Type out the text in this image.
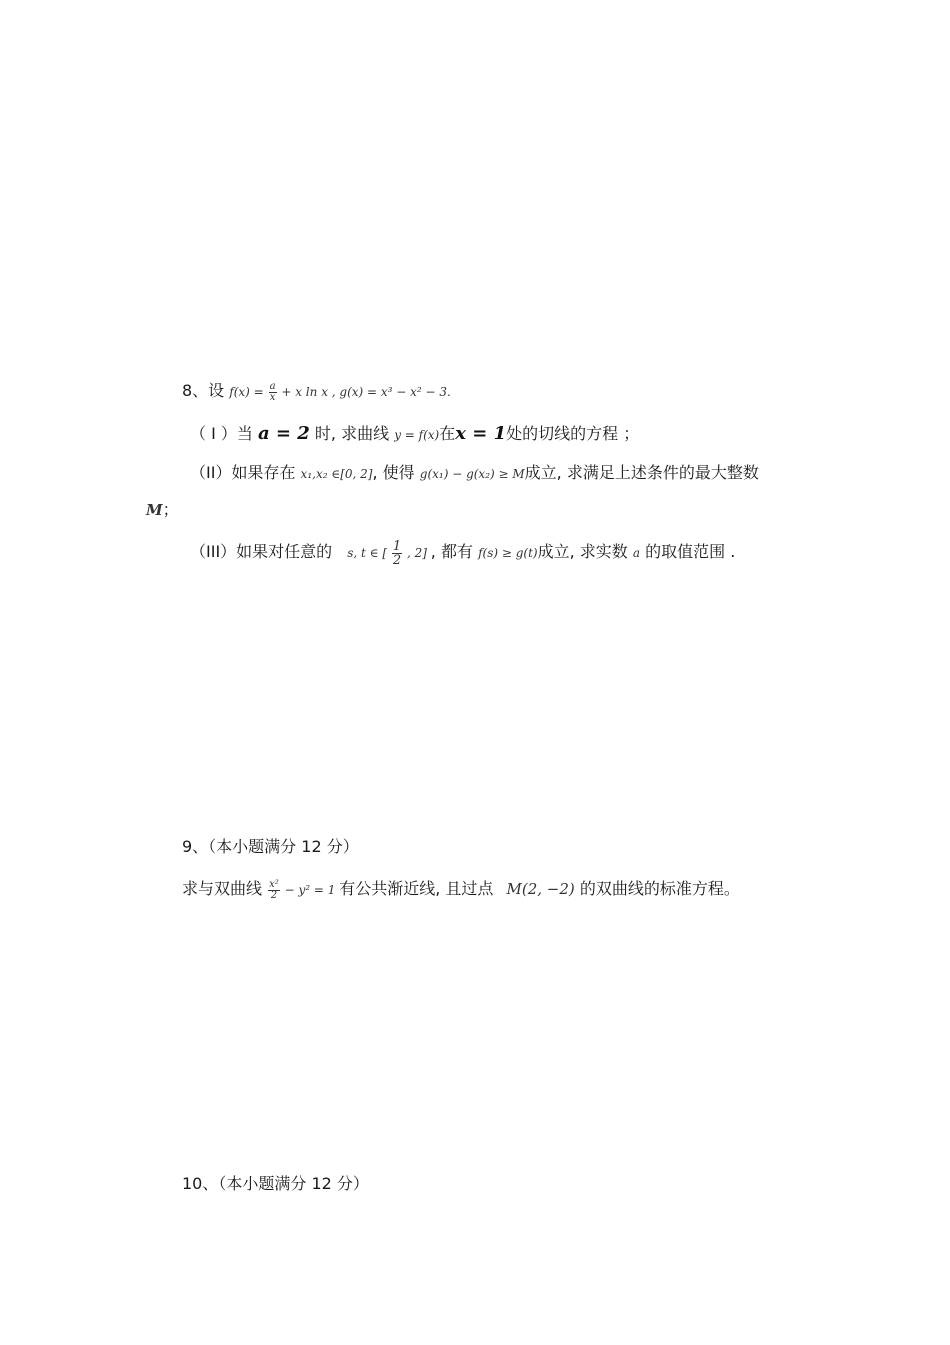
8、设 $f(x) = \frac{a}{x} + x$ ln x , g(x) = x³ − x² − 3.
（ I ）当 a = 2 时, 求曲线 y = f(x)在x = 1处的切线的方程 ；
（II）如果存在 x₁,x₂ ∈[0, 2], 使得 g(x₁) − g(x₂) ≥ M成立, 求满足上述条件的最大整数
M；
（III）如果对任意的 s, t ∈ [ $\frac{1}{2}$ , 2] , 都有 f(s) ≥ g(t)成立, 求实数 a 的取值范围 .
9、（本小题满分 12 分）
求与双曲线 $\frac{\text{x²}}{2} - y^2 = 1$ 有公共渐近线, 且过点 M(2, −2) 的双曲线的标准方程。
10、（本小题满分 12 分）
